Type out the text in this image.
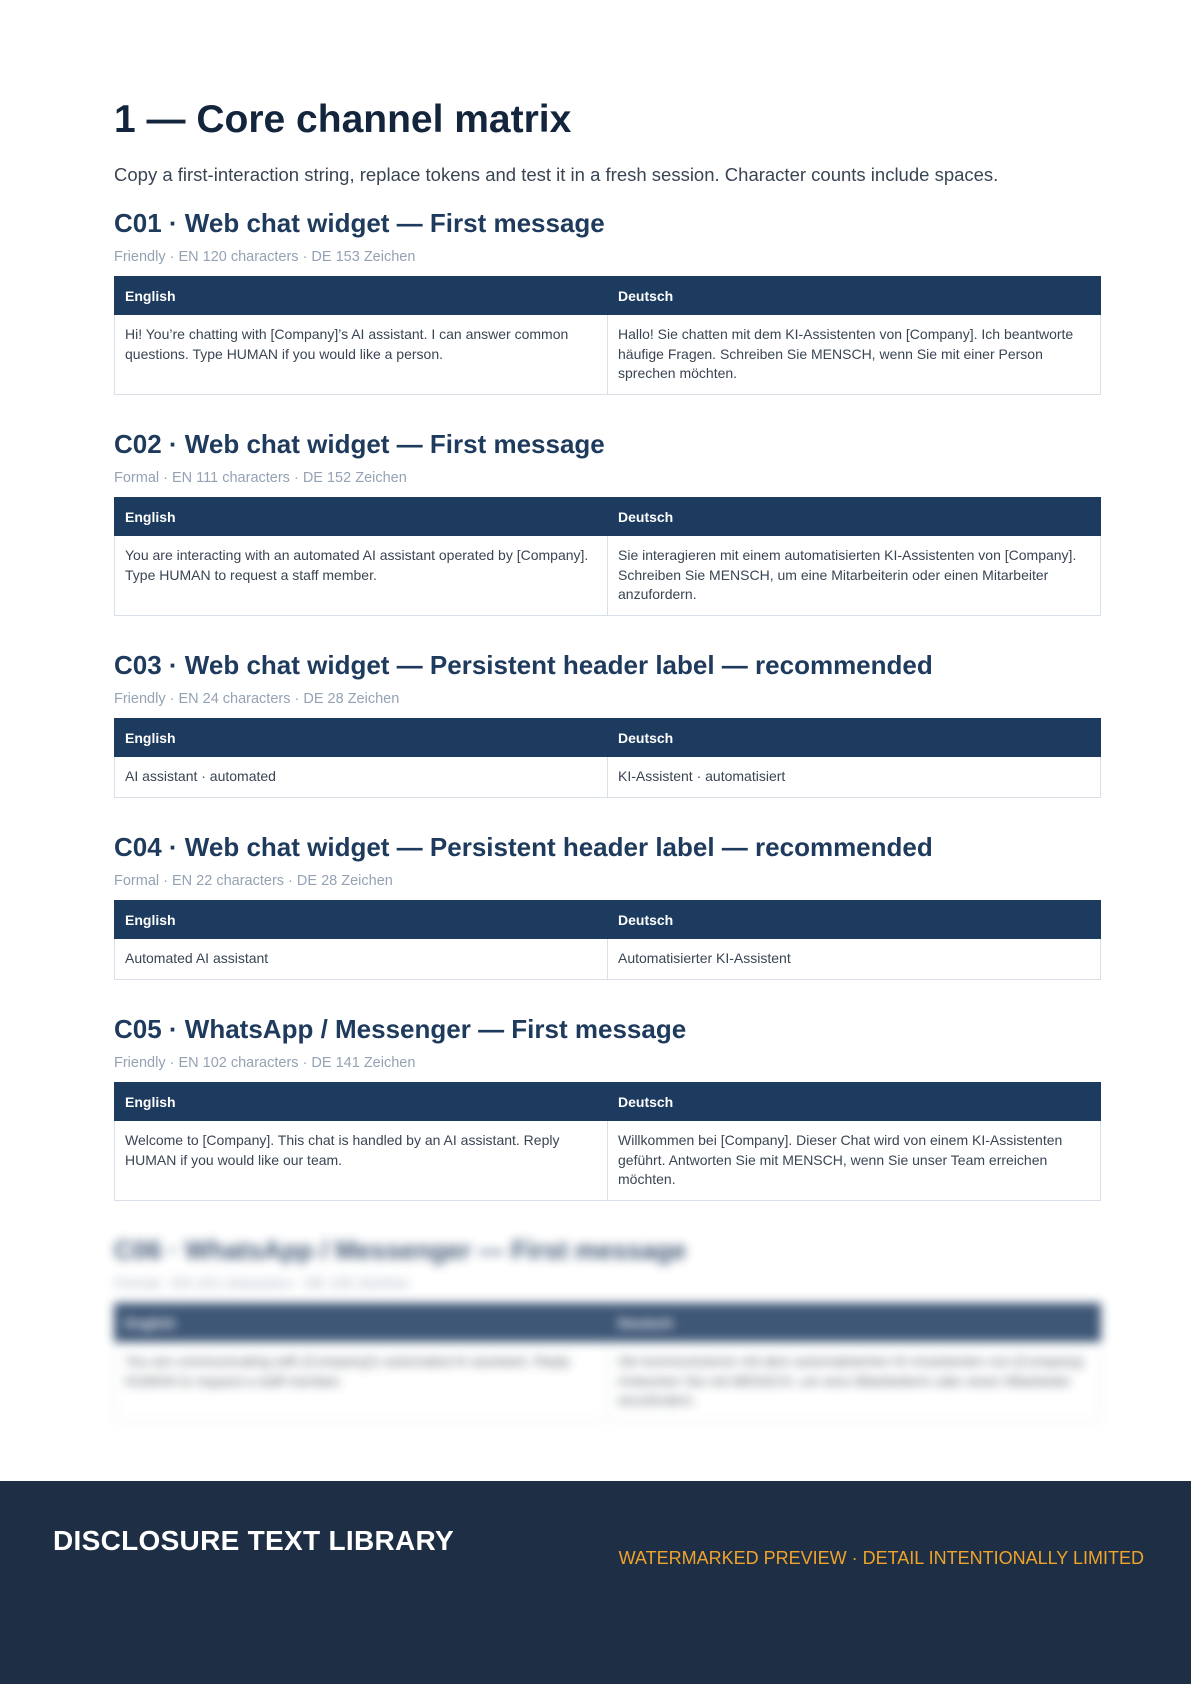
1 — Core channel matrix

Copy a first-interaction string, replace tokens and test it in a fresh session. Character counts include spaces.

C01 · Web chat widget — First message
Friendly · EN 120 characters · DE 153 Zeichen
English	Deutsch
Hi! You’re chatting with [Company]’s AI assistant. I can answer common questions. Type HUMAN if you would like a person.	Hallo! Sie chatten mit dem KI-Assistenten von [Company]. Ich beantworte häufige Fragen. Schreiben Sie MENSCH, wenn Sie mit einer Person sprechen möchten.
C02 · Web chat widget — First message
Formal · EN 111 characters · DE 152 Zeichen
English	Deutsch
You are interacting with an automated AI assistant operated by [Company]. Type HUMAN to request a staff member.	Sie interagieren mit einem automatisierten KI-Assistenten von [Company]. Schreiben Sie MENSCH, um eine Mitarbeiterin oder einen Mitarbeiter anzufordern.
C03 · Web chat widget — Persistent header label — recommended
Friendly · EN 24 characters · DE 28 Zeichen
English	Deutsch
AI assistant · automated	KI-Assistent · automatisiert
C04 · Web chat widget — Persistent header label — recommended
Formal · EN 22 characters · DE 28 Zeichen
English	Deutsch
Automated AI assistant	Automatisierter KI-Assistent
C05 · WhatsApp / Messenger — First message
Friendly · EN 102 characters · DE 141 Zeichen
English	Deutsch
Welcome to [Company]. This chat is handled by an AI assistant. Reply HUMAN if you would like our team.	Willkommen bei [Company]. Dieser Chat wird von einem KI-Assistenten geführt. Antworten Sie mit MENSCH, wenn Sie unser Team erreichen möchten.
C06 · WhatsApp / Messenger — First message
Formal · EN 101 characters · DE 155 Zeichen
English	Deutsch
You are communicating with [Company]'s automated AI assistant. Reply HUMAN to request a staff member.	Sie kommunizieren mit dem automatisierten KI-Assistenten von [Company]. Antworten Sie mit MENSCH, um eine Mitarbeiterin oder einen Mitarbeiter anzufordern.
DISCLOSURE TEXT LIBRARY
WATERMARKED PREVIEW · DETAIL INTENTIONALLY LIMITED
